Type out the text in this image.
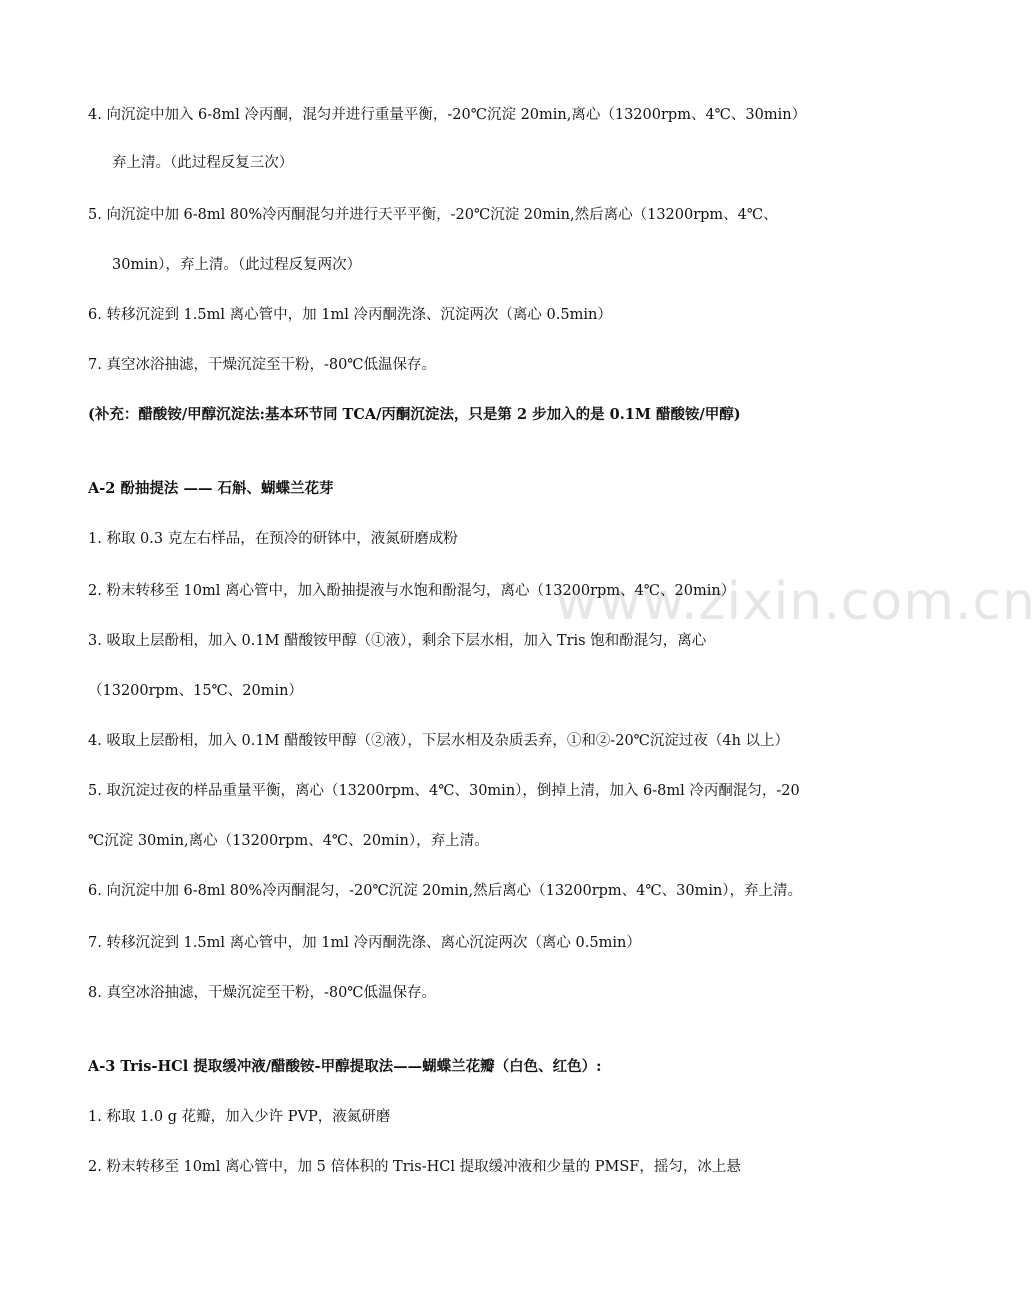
www.zixin.com.cn
4. 向沉淀中加入 6-8ml 冷丙酮，混匀并进行重量平衡，-20℃沉淀 20min,离心（13200rpm、4℃、30min）
弃上清。（此过程反复三次）
5. 向沉淀中加 6-8ml 80%冷丙酮混匀并进行天平平衡，-20℃沉淀 20min,然后离心（13200rpm、4℃、
30min），弃上清。（此过程反复两次）
6. 转移沉淀到 1.5ml 离心管中，加 1ml 冷丙酮洗涤、沉淀两次（离心 0.5min）
7. 真空冰浴抽滤，干燥沉淀至干粉，-80℃低温保存。
(补充：醋酸铵/甲醇沉淀法:基本环节同 TCA/丙酮沉淀法，只是第 2 步加入的是 0.1M 醋酸铵/甲醇)
A-2 酚抽提法 —— 石斛、蝴蝶兰花芽
1. 称取 0.3 克左右样品，在预冷的研钵中，液氮研磨成粉
2. 粉末转移至 10ml 离心管中，加入酚抽提液与水饱和酚混匀，离心（13200rpm、4℃、20min）
3. 吸取上层酚相，加入 0.1M 醋酸铵甲醇（①液），剩余下层水相，加入 Tris 饱和酚混匀，离心
（13200rpm、15℃、20min）
4. 吸取上层酚相，加入 0.1M 醋酸铵甲醇（②液），下层水相及杂质丢弃，①和②-20℃沉淀过夜（4h 以上）
5. 取沉淀过夜的样品重量平衡，离心（13200rpm、4℃、30min），倒掉上清，加入 6-8ml 冷丙酮混匀，-20
℃沉淀 30min,离心（13200rpm、4℃、20min），弃上清。
6. 向沉淀中加 6-8ml 80%冷丙酮混匀，-20℃沉淀 20min,然后离心（13200rpm、4℃、30min），弃上清。
7. 转移沉淀到 1.5ml 离心管中，加 1ml 冷丙酮洗涤、离心沉淀两次（离心 0.5min）
8. 真空冰浴抽滤，干燥沉淀至干粉，-80℃低温保存。
A-3 Tris-HCl 提取缓冲液/醋酸铵-甲醇提取法——蝴蝶兰花瓣（白色、红色）:
1. 称取 1.0 g 花瓣，加入少许 PVP，液氮研磨
2. 粉末转移至 10ml 离心管中，加 5 倍体积的 Tris-HCl 提取缓冲液和少量的 PMSF，摇匀，冰上悬
